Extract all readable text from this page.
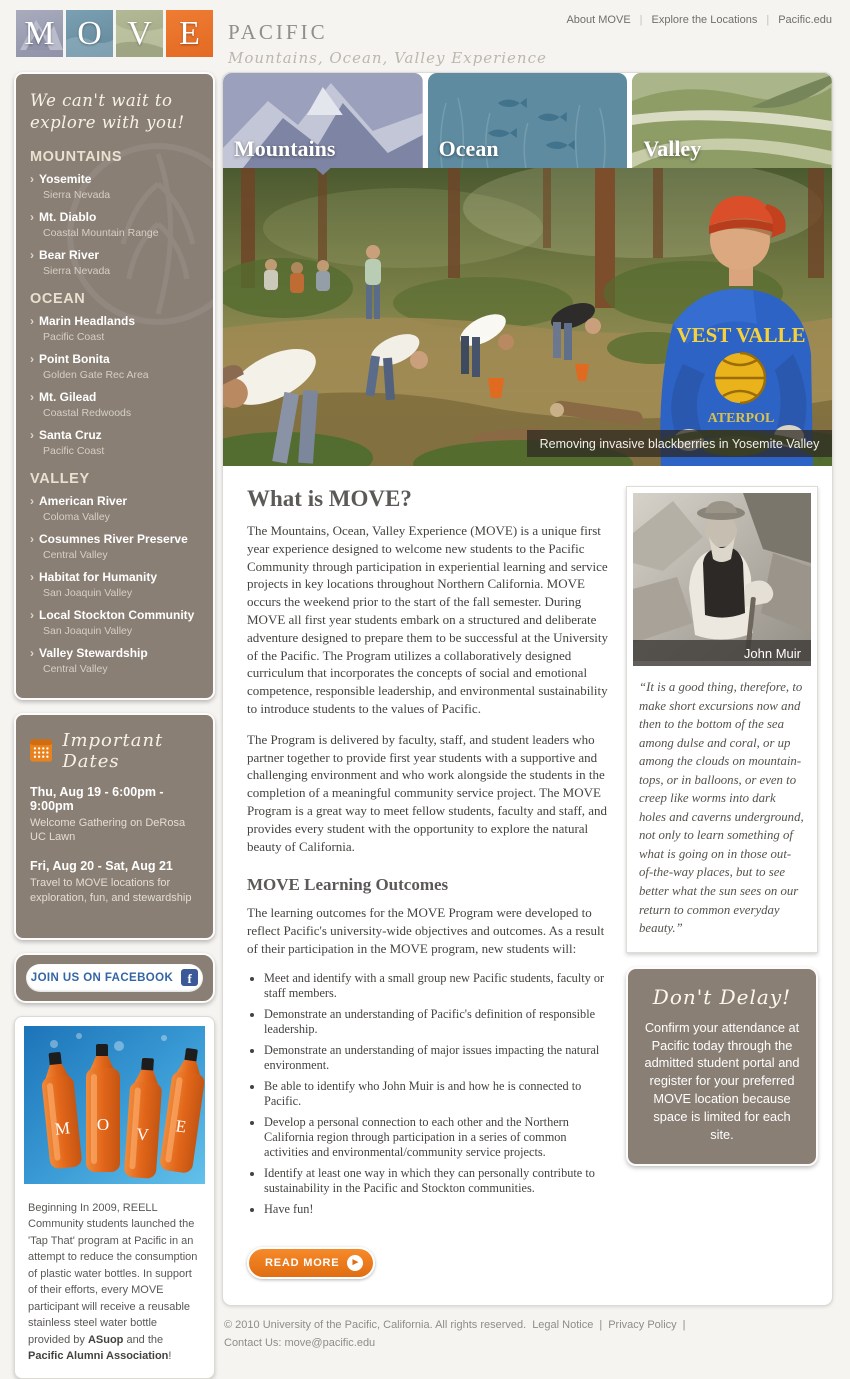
M O V E PACIFIC
Mountains, Ocean, Valley Experience
About MOVE | Explore the Locations | Pacific.edu
We can't wait to explore with you!
MOUNTAINS
› Yosemite
Sierra Nevada
› Mt. Diablo
Coastal Mountain Range
› Bear River
Sierra Nevada
OCEAN
› Marin Headlands
Pacific Coast
› Point Bonita
Golden Gate Rec Area
› Mt. Gilead
Coastal Redwoods
› Santa Cruz
Pacific Coast
VALLEY
› American River
Coloma Valley
› Cosumnes River Preserve
Central Valley
› Habitat for Humanity
San Joaquin Valley
› Local Stockton Community
San Joaquin Valley
› Valley Stewardship
Central Valley
Important Dates
Thu, Aug 19 - 6:00pm - 9:00pm
Welcome Gathering on DeRosa UC Lawn
Fri, Aug 20 - Sat, Aug 21
Travel to MOVE locations for exploration, fun, and stewardship
JOIN US ON FACEBOOK	f
M O
V E
Beginning In 2009, REELL Community students launched the 'Tap That' program at Pacific in an attempt to reduce the consumption of plastic water bottles. In support of their efforts, every MOVE participant will receive a reusable stainless steel water bottle provided by ASuop and the Pacific Alumni Association!
Mountains	Ocean	Valley
VEST VALLE
ATERPOL
Removing invasive blackberries in Yosemite Valley
What is MOVE?

The Mountains, Ocean, Valley Experience (MOVE) is a unique first year experience designed to welcome new students to the Pacific Community through participation in experiential learning and service projects in key locations throughout Northern California. MOVE occurs the weekend prior to the start of the fall semester. During MOVE all first year students embark on a structured and deliberate adventure designed to prepare them to be successful at the University of the Pacific. The Program utilizes a collaboratively designed curriculum that incorporates the concepts of social and emotional competence, responsible leadership, and environmental sustainability to introduce students to the values of Pacific.

The Program is delivered by faculty, staff, and student leaders who partner together to provide first year students with a supportive and challenging environment and who work alongside the students in the completion of a meaningful community service project. The MOVE Program is a great way to meet fellow students, faculty and staff, and provides every student with the opportunity to explore the natural beauty of California.

MOVE Learning Outcomes

The learning outcomes for the MOVE Program were developed to reflect Pacific's university-wide objectives and outcomes. As a result of their participation in the MOVE program, new students will:

• Meet and identify with a small group new Pacific students, faculty or staff members.
• Demonstrate an understanding of Pacific's definition of responsible leadership.
• Demonstrate an understanding of major issues impacting the natural environment.
• Be able to identify who John Muir is and how he is connected to Pacific.
• Develop a personal connection to each other and the Northern California region through participation in a series of common activities and environmental/community service projects.
• Identify at least one way in which they can personally contribute to sustainability in the Pacific and Stockton communities.
• Have fun!
READ MORE	►
John Muir
“It is a good thing, therefore, to make short excursions now and then to the bottom of the sea among dulse and coral, or up among the clouds on mountain-tops, or in balloons, or even to creep like worms into dark holes and caverns underground, not only to learn something of what is going on in those out-of-the-way places, but to see better what the sun sees on our return to common everyday beauty.”
Don't Delay!
Confirm your attendance at Pacific today through the admitted student portal and register for your preferred MOVE location because space is limited for each site.
© 2010 University of the Pacific, California. All rights reserved. Legal Notice | Privacy Policy |
Contact Us: move@pacific.edu
